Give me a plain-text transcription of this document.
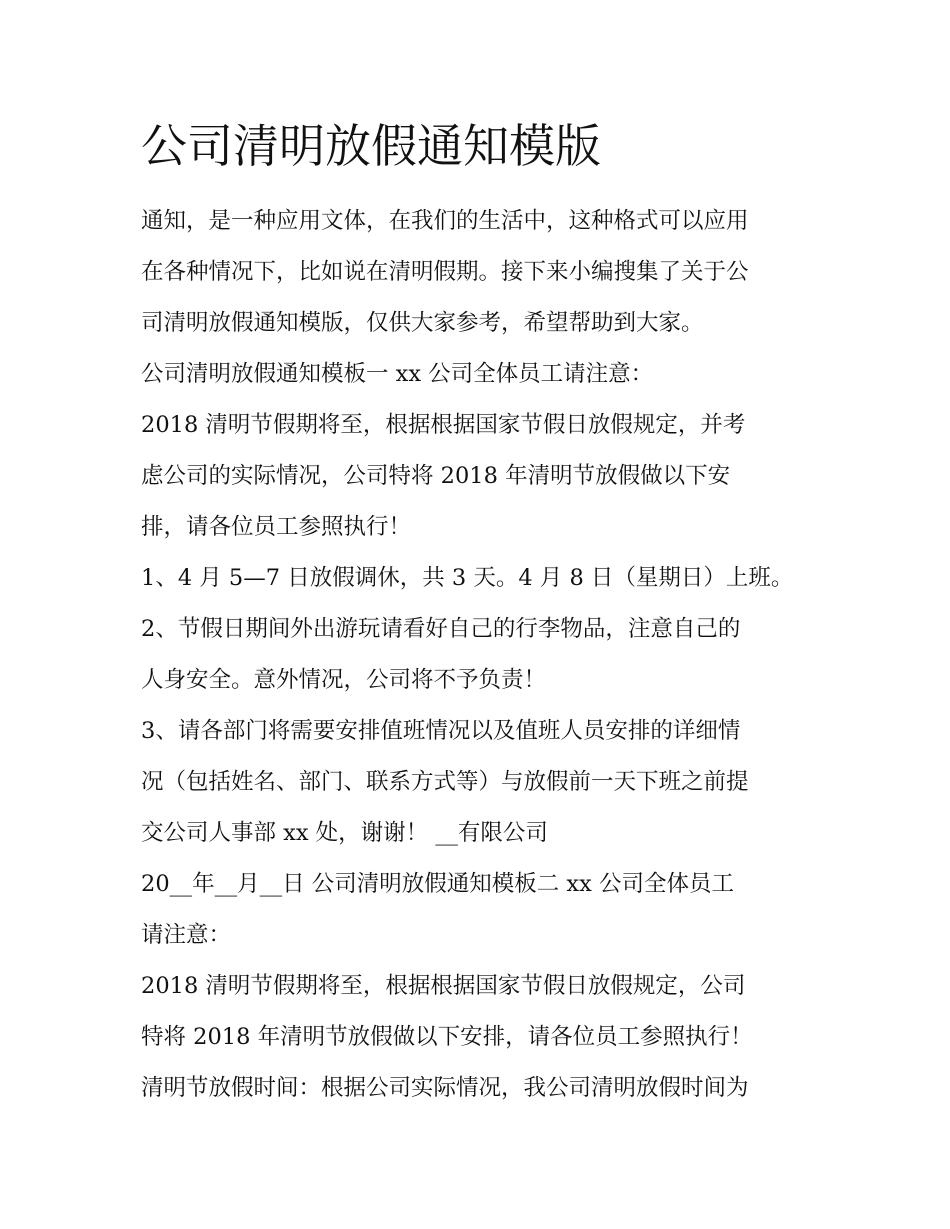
公司清明放假通知模版
通知，是一种应用文体，在我们的生活中，这种格式可以应用
在各种情况下，比如说在清明假期。接下来小编搜集了关于公
司清明放假通知模版，仅供大家参考，希望帮助到大家。
公司清明放假通知模板一 xx 公司全体员工请注意：
2018 清明节假期将至，根据根据国家节假日放假规定，并考
虑公司的实际情况，公司特将 2018 年清明节放假做以下安
排，请各位员工参照执行！
1、4 月 5—7 日放假调休，共 3 天。4 月 8 日（星期日）上班。
2、节假日期间外出游玩请看好自己的行李物品，注意自己的
人身安全。意外情况，公司将不予负责！
3、请各部门将需要安排值班情况以及值班人员安排的详细情
况（包括姓名、部门、联系方式等）与放假前一天下班之前提
交公司人事部 xx 处，谢谢！ __有限公司
20__年__月__日 公司清明放假通知模板二 xx 公司全体员工
请注意：
2018 清明节假期将至，根据根据国家节假日放假规定，公司
特将 2018 年清明节放假做以下安排，请各位员工参照执行！
清明节放假时间：根据公司实际情况，我公司清明放假时间为
